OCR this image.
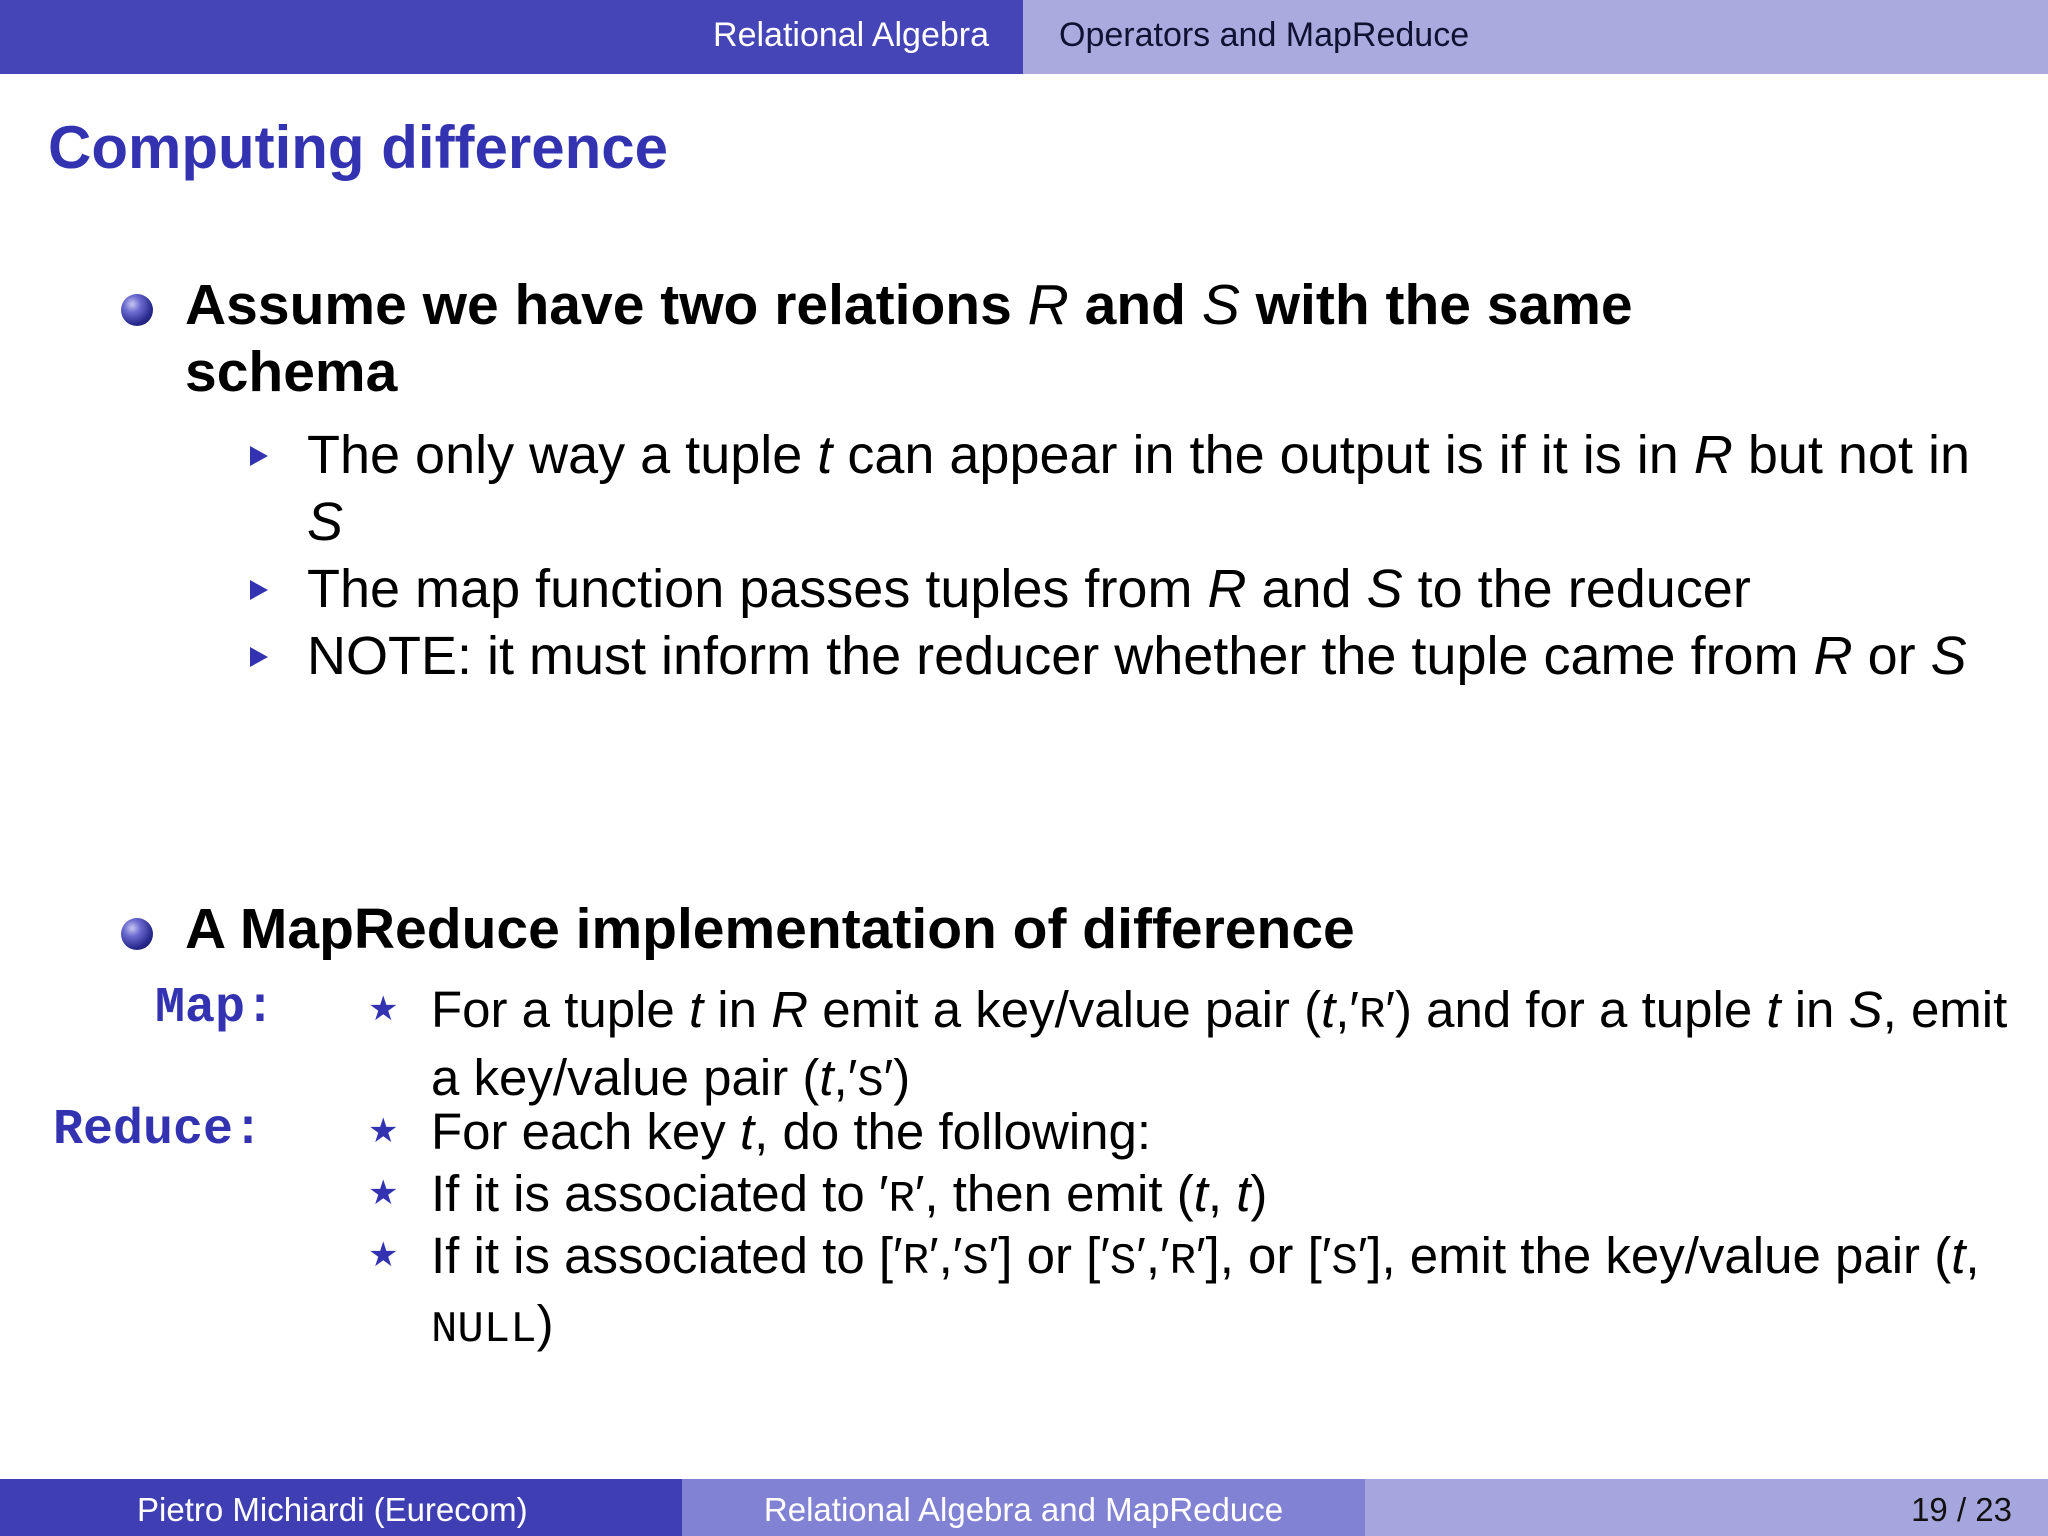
Relational Algebra Operators and MapReduce
Computing difference
Assume we have two relations R and S with the same schema
The only way a tuple t can appear in the output is if it is in R but not in S
The map function passes tuples from R and S to the reducer
NOTE: it must inform the reducer whether the tuple came from R or S
A MapReduce implementation of difference
Map:	★ For a tuple t in R emit a key/value pair (t,′R′) and for a tuple t in S, emit a key/value pair (t,′S′)
Reduce:	★ For each key t, do the following:
★ If it is associated to ′R′, then emit (t, t)
★ If it is associated to [′R′,′S′] or [′S′,′R′], or [′S′], emit the key/value pair (t, NULL)
Pietro Michiardi (Eurecom)	Relational Algebra and MapReduce	19 / 23
